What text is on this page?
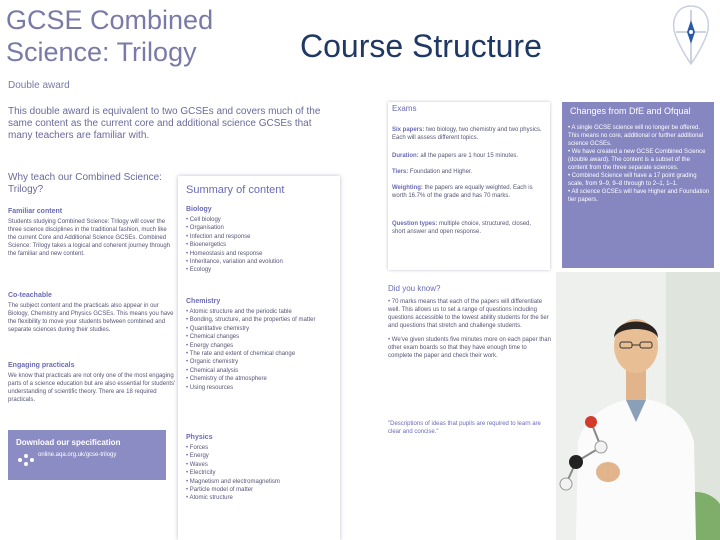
Course Structure
GCSE Combined
Science: Trilogy
Double award
This double award is equivalent to two GCSEs and covers much of the same content as the current core and additional science GCSEs that many teachers are familiar with.
Why teach our Combined Science: Trilogy?
Familiar content
Students studying Combined Science: Trilogy will cover the three science disciplines in the traditional fashion, much like the current Core and Additional Science GCSEs. Combined Science: Trilogy takes a logical and coherent journey through the familiar and new content.
Co-teachable
The subject content and the practicals also appear in our Biology, Chemistry and Physics GCSEs. This means you have the flexibility to move your students between combined and separate sciences during their studies.
Engaging practicals
We know that practicals are not only one of the most engaging parts of a science education but are also essential for students' understanding of scientific theory. There are 18 required practicals.
Download our specification
online.aqa.org.uk/gcse-trilogy
Summary of content
Biology
• Cell biology
• Organisation
• Infection and response
• Bioenergetics
• Homeostasis and response
• Inheritance, variation and evolution
• Ecology
Chemistry
• Atomic structure and the periodic table
• Bonding, structure, and the properties of matter
• Quantitative chemistry
• Chemical changes
• Energy changes
• The rate and extent of chemical change
• Organic chemistry
• Chemical analysis
• Chemistry of the atmosphere
• Using resources
Physics
• Forces
• Energy
• Waves
• Electricity
• Magnetism and electromagnetism
• Particle model of matter
• Atomic structure
Exams
Six papers: two biology, two chemistry and two physics. Each will assess different topics.
Duration: all the papers are 1 hour 15 minutes.
Tiers: Foundation and Higher.
Weighting: the papers are equally weighted. Each is worth 16.7% of the grade and has 70 marks.
Question types: multiple choice, structured, closed, short answer and open response.
Changes from DfE and Ofqual
• A single GCSE science will no longer be offered. This means no core, additional or further additional science GCSEs.
• We have created a new GCSE Combined Science (double award). The content is a subset of the content from the three separate sciences.
• Combined Science will have a 17 point grading scale, from 9–9, 9–8 through to 2–1, 1–1.
• All science GCSEs will have Higher and Foundation tier papers.
Did you know?
• 70 marks means that each of the papers will differentiate well. This allows us to set a range of questions including questions accessible to the lowest ability students for the tier and questions that stretch and challenge students.
• We've given students five minutes more on each paper than other exam boards so that they have enough time to complete the paper and check their work.
"Descriptions of ideas that pupils are required to learn are clear and concise."
